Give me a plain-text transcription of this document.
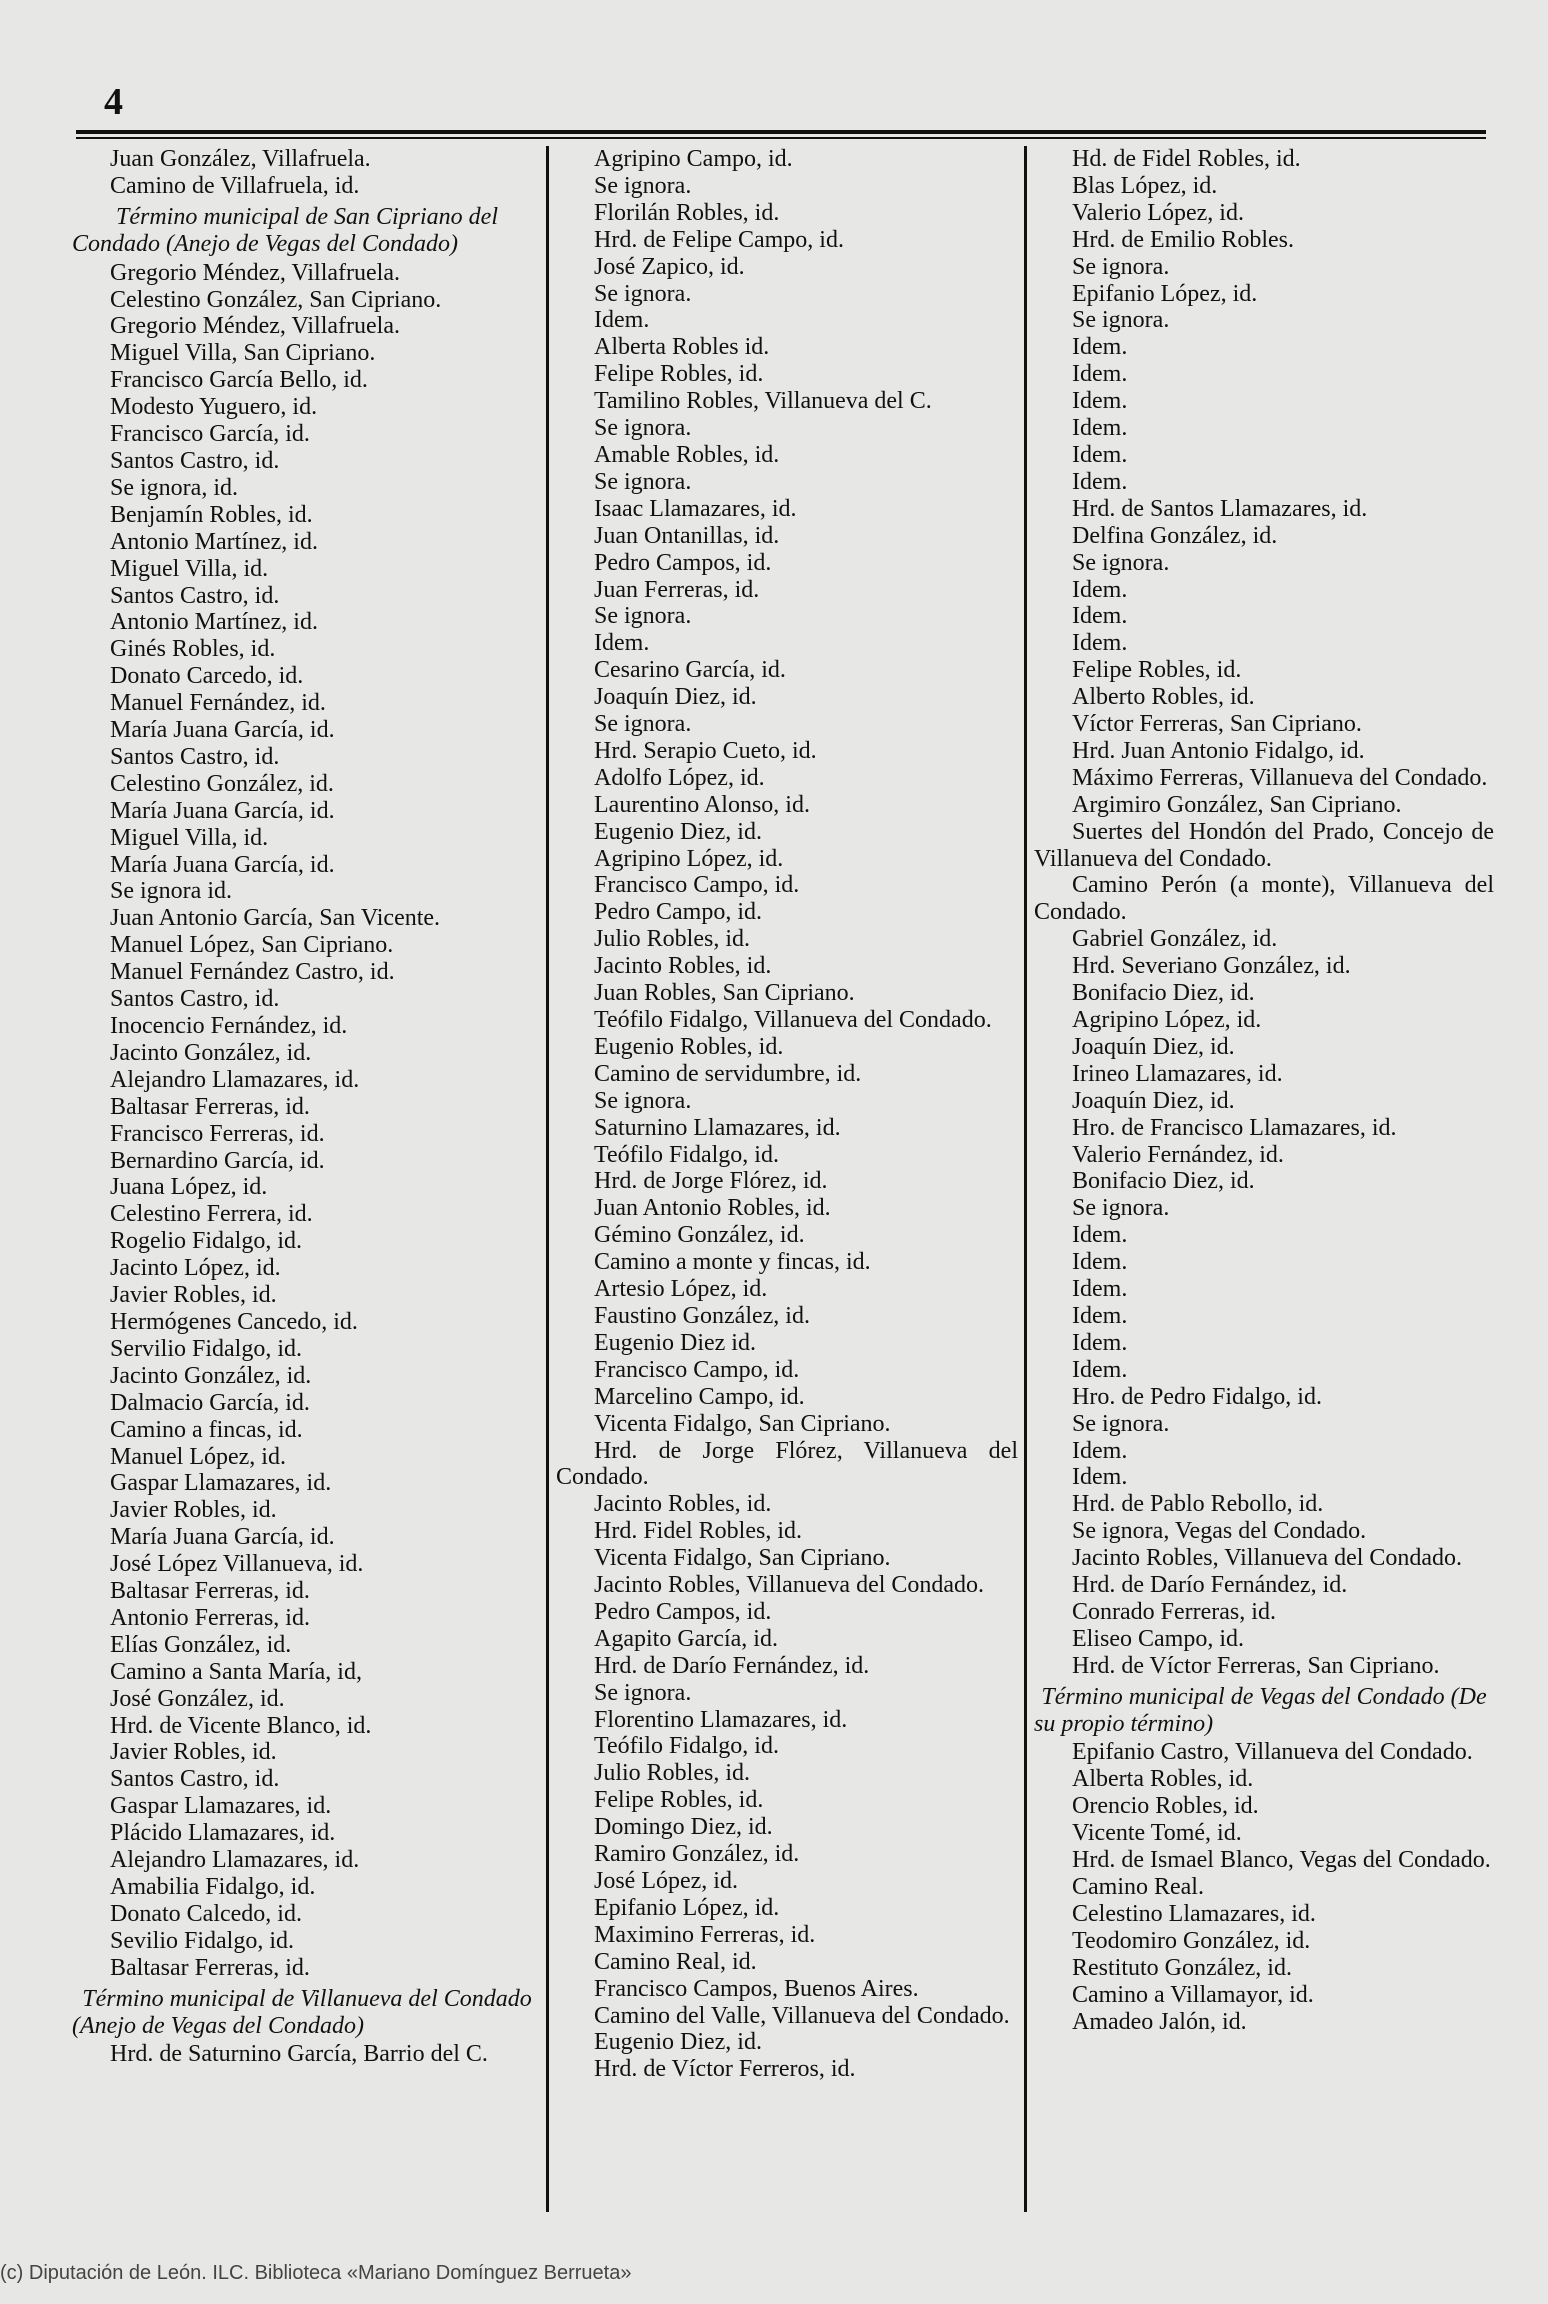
4

Juan González, Villafruela.

Camino de Villafruela, id.

Término municipal de San Cipriano del Condado (Anejo de Vegas del Condado)

Gregorio Méndez, Villafruela.

Celestino González, San Cipriano.

Gregorio Méndez, Villafruela.

Miguel Villa, San Cipriano.

Francisco García Bello, id.

Modesto Yuguero, id.

Francisco García, id.

Santos Castro, id.

Se ignora, id.

Benjamín Robles, id.

Antonio Martínez, id.

Miguel Villa, id.

Santos Castro, id.

Antonio Martínez, id.

Ginés Robles, id.

Donato Carcedo, id.

Manuel Fernández, id.

María Juana García, id.

Santos Castro, id.

Celestino González, id.

María Juana García, id.

Miguel Villa, id.

María Juana García, id.

Se ignora id.

Juan Antonio García, San Vicente.

Manuel López, San Cipriano.

Manuel Fernández Castro, id.

Santos Castro, id.

Inocencio Fernández, id.

Jacinto González, id.

Alejandro Llamazares, id.

Baltasar Ferreras, id.

Francisco Ferreras, id.

Bernardino García, id.

Juana López, id.

Celestino Ferrera, id.

Rogelio Fidalgo, id.

Jacinto López, id.

Javier Robles, id.

Hermógenes Cancedo, id.

Servilio Fidalgo, id.

Jacinto González, id.

Dalmacio García, id.

Camino a fincas, id.

Manuel López, id.

Gaspar Llamazares, id.

Javier Robles, id.

María Juana García, id.

José López Villanueva, id.

Baltasar Ferreras, id.

Antonio Ferreras, id.

Elías González, id.

Camino a Santa María, id,

José González, id.

Hrd. de Vicente Blanco, id.

Javier Robles, id.

Santos Castro, id.

Gaspar Llamazares, id.

Plácido Llamazares, id.

Alejandro Llamazares, id.

Amabilia Fidalgo, id.

Donato Calcedo, id.

Sevilio Fidalgo, id.

Baltasar Ferreras, id.

Término municipal de Villanueva del Condado (Anejo de Vegas del Condado)

Hrd. de Saturnino García, Barrio del C.

Agripino Campo, id.

Se ignora.

Florilán Robles, id.

Hrd. de Felipe Campo, id.

José Zapico, id.

Se ignora.

Idem.

Alberta Robles id.

Felipe Robles, id.

Tamilino Robles, Villanueva del C.

Se ignora.

Amable Robles, id.

Se ignora.

Isaac Llamazares, id.

Juan Ontanillas, id.

Pedro Campos, id.

Juan Ferreras, id.

Se ignora.

Idem.

Cesarino García, id.

Joaquín Diez, id.

Se ignora.

Hrd. Serapio Cueto, id.

Adolfo López, id.

Laurentino Alonso, id.

Eugenio Diez, id.

Agripino López, id.

Francisco Campo, id.

Pedro Campo, id.

Julio Robles, id.

Jacinto Robles, id.

Juan Robles, San Cipriano.

Teófilo Fidalgo, Villanueva del Condado.

Eugenio Robles, id.

Camino de servidumbre, id.

Se ignora.

Saturnino Llamazares, id.

Teófilo Fidalgo, id.

Hrd. de Jorge Flórez, id.

Juan Antonio Robles, id.

Gémino González, id.

Camino a monte y fincas, id.

Artesio López, id.

Faustino González, id.

Eugenio Diez id.

Francisco Campo, id.

Marcelino Campo, id.

Vicenta Fidalgo, San Cipriano.

Hrd. de Jorge Flórez, Villanueva del Condado.

Jacinto Robles, id.

Hrd. Fidel Robles, id.

Vicenta Fidalgo, San Cipriano.

Jacinto Robles, Villanueva del Condado.

Pedro Campos, id.

Agapito García, id.

Hrd. de Darío Fernández, id.

Se ignora.

Florentino Llamazares, id.

Teófilo Fidalgo, id.

Julio Robles, id.

Felipe Robles, id.

Domingo Diez, id.

Ramiro González, id.

José López, id.

Epifanio López, id.

Maximino Ferreras, id.

Camino Real, id.

Francisco Campos, Buenos Aires.

Camino del Valle, Villanueva del Condado.

Eugenio Diez, id.

Hrd. de Víctor Ferreros, id.

Hd. de Fidel Robles, id.

Blas López, id.

Valerio López, id.

Hrd. de Emilio Robles.

Se ignora.

Epifanio López, id.

Se ignora.

Idem.

Idem.

Idem.

Idem.

Idem.

Idem.

Hrd. de Santos Llamazares, id.

Delfina González, id.

Se ignora.

Idem.

Idem.

Idem.

Felipe Robles, id.

Alberto Robles, id.

Víctor Ferreras, San Cipriano.

Hrd. Juan Antonio Fidalgo, id.

Máximo Ferreras, Villanueva del Condado.

Argimiro González, San Cipriano.

Suertes del Hondón del Prado, Concejo de Villanueva del Condado.

Camino Perón (a monte), Villanueva del Condado.

Gabriel González, id.

Hrd. Severiano González, id.

Bonifacio Diez, id.

Agripino López, id.

Joaquín Diez, id.

Irineo Llamazares, id.

Joaquín Diez, id.

Hro. de Francisco Llamazares, id.

Valerio Fernández, id.

Bonifacio Diez, id.

Se ignora.

Idem.

Idem.

Idem.

Idem.

Idem.

Idem.

Hro. de Pedro Fidalgo, id.

Se ignora.

Idem.

Idem.

Hrd. de Pablo Rebollo, id.

Se ignora, Vegas del Condado.

Jacinto Robles, Villanueva del Condado.

Hrd. de Darío Fernández, id.

Conrado Ferreras, id.

Eliseo Campo, id.

Hrd. de Víctor Ferreras, San Cipriano.

Término municipal de Vegas del Condado (De su propio término)

Epifanio Castro, Villanueva del Condado.

Alberta Robles, id.

Orencio Robles, id.

Vicente Tomé, id.

Hrd. de Ismael Blanco, Vegas del Condado.

Camino Real.

Celestino Llamazares, id.

Teodomiro González, id.

Restituto González, id.

Camino a Villamayor, id.

Amadeo Jalón, id.

(c) Diputación de León. ILC. Biblioteca «Mariano Domínguez Berrueta»
